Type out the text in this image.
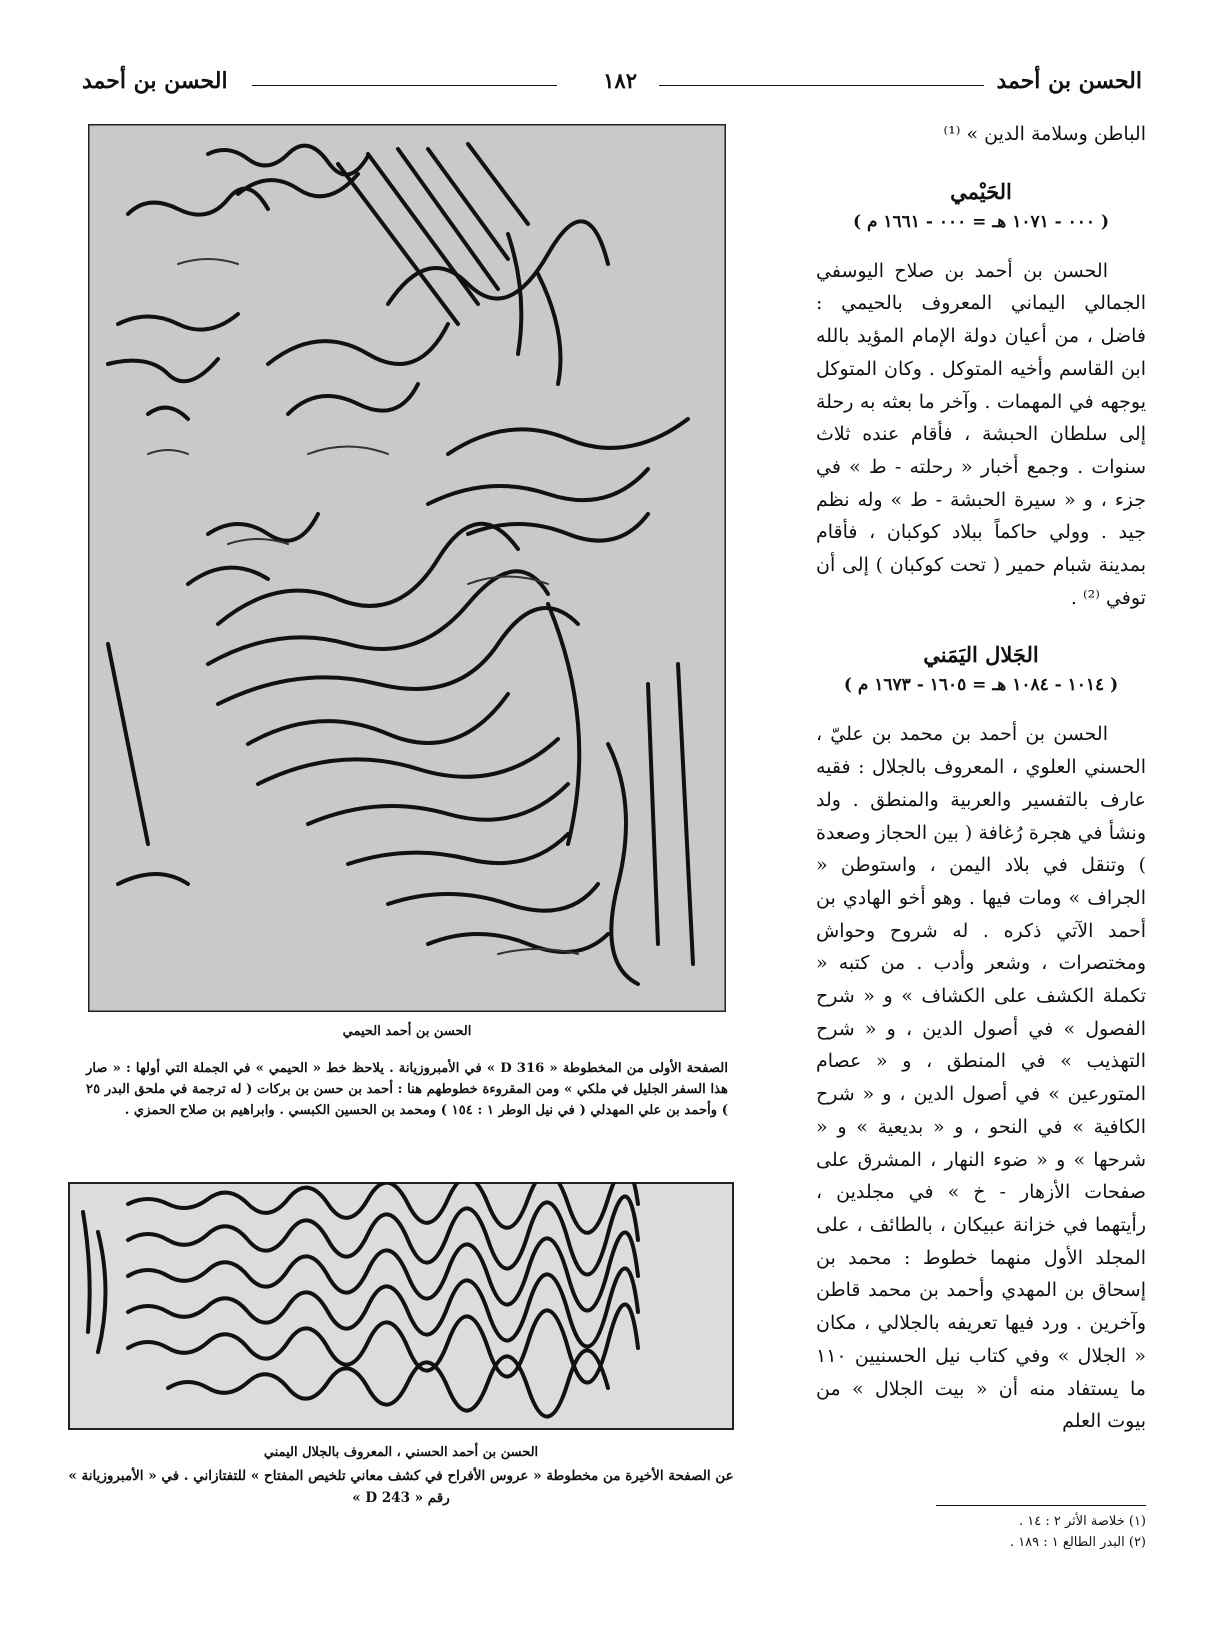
الحسن بن أحمد
١٨٢
الحسن بن أحمد

الباطن وسلامة الدين » ⁽¹⁾

الحَيْمي
( ٠٠٠ - ١٠٧١ هـ = ٠٠٠ - ١٦٦١ م )

الحسن بن أحمد بن صلاح اليوسفي الجمالي اليماني المعروف بالحيمي : فاضل ، من أعيان دولة الإمام المؤيد بالله ابن القاسم وأخيه المتوكل . وكان المتوكل يوجهه في المهمات . وآخر ما بعثه به رحلة إلى سلطان الحبشة ، فأقام عنده ثلاث سنوات . وجمع أخبار « رحلته - ط » في جزء ، و « سيرة الحبشة - ط » وله نظم جيد . وولي حاكماً ببلاد كوكبان ، فأقام بمدينة شبام حمير ( تحت كوكبان ) إلى أن توفي ⁽²⁾ .

الجَلال اليَمَني
( ١٠١٤ - ١٠٨٤ هـ = ١٦٠٥ - ١٦٧٣ م )

الحسن بن أحمد بن محمد بن عليّ ، الحسني العلوي ، المعروف بالجلال : فقيه عارف بالتفسير والعربية والمنطق . ولد ونشأ في هجرة رُغافة ( بين الحجاز وصعدة ) وتنقل في بلاد اليمن ، واستوطن « الجراف » ومات فيها . وهو أخو الهادي بن أحمد الآتي ذكره . له شروح وحواش ومختصرات ، وشعر وأدب . من كتبه « تكملة الكشف على الكشاف » و « شرح الفصول » في أصول الدين ، و « شرح التهذيب » في المنطق ، و « عصام المتورعين » في أصول الدين ، و « شرح الكافية » في النحو ، و « بديعية » و « شرحها » و « ضوء النهار ، المشرق على صفحات الأزهار - خ » في مجلدين ، رأيتهما في خزانة عبيكان ، بالطائف ، على المجلد الأول منهما خطوط : محمد بن إسحاق بن المهدي وأحمد بن محمد قاطن وآخرين . ورد فيها تعريفه بالجلالي ، مكان « الجلال » وفي كتاب نيل الحسنيين ١١٠ ما يستفاد منه أن « بيت الجلال » من بيوت العلم

(١) خلاصة الأثر ٢ : ١٤ .
(٢) البدر الطالع ١ : ١٨٩ .
الحسن بن أحمد الحيمي
الصفحة الأولى من المخطوطة « D 316 » في الأمبروزيانة . يلاحظ خط « الحيمي » في الجملة التي أولها : « صار هذا السفر الجليل في ملكي » ومن المقروءة خطوطهم هنا : أحمد بن حسن بن بركات ( له ترجمة في ملحق البدر ٢٥ ) وأحمد بن علي المهدلي ( في نيل الوطر ١ : ١٥٤ ) ومحمد بن الحسين الكبسي . وابراهيم بن صلاح الحمزي .
الحسن بن أحمد الحسني ، المعروف بالجلال اليمني
عن الصفحة الأخيرة من مخطوطة « عروس الأفراح في كشف معاني تلخيص المفتاح » للتفتازاني . في « الأمبروزيانة »
رقم « D 243 »
